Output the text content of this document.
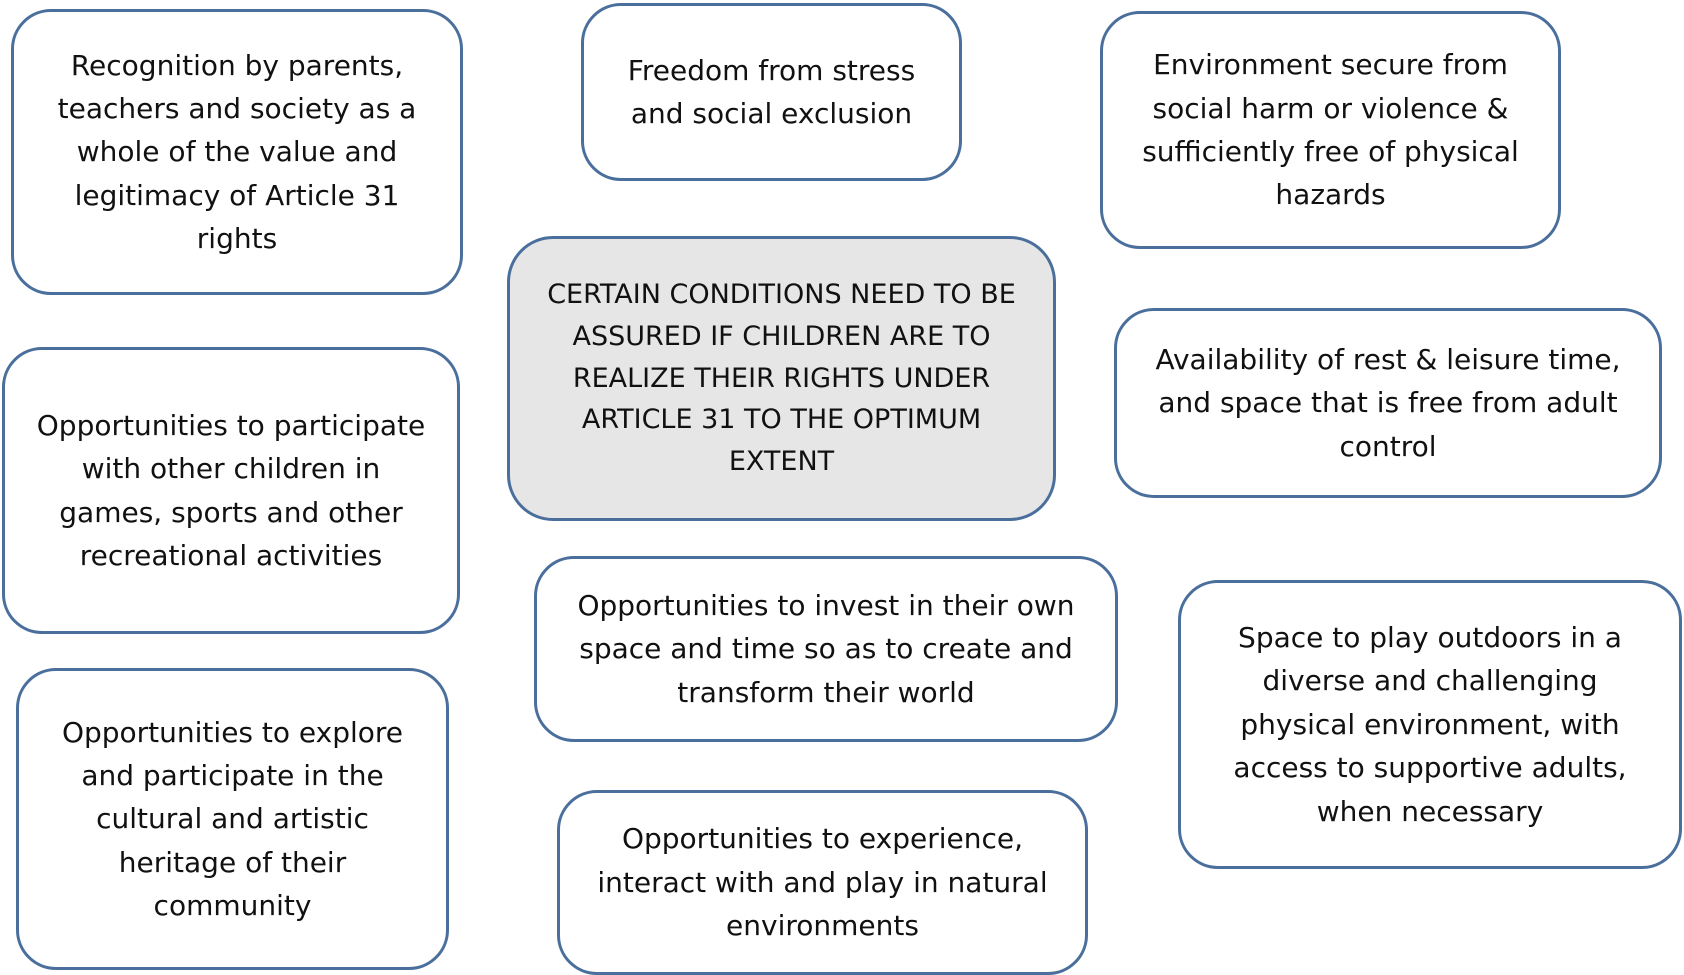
Recognition by parents, teachers and society as a whole of the value and legitimacy of Article 31 rights
Freedom from stress and social exclusion
Environment secure from social harm or violence & sufficiently free of physical hazards
CERTAIN CONDITIONS NEED TO BE ASSURED IF CHILDREN ARE TO REALIZE THEIR RIGHTS UNDER ARTICLE 31 TO THE OPTIMUM EXTENT
Availability of rest & leisure time, and space that is free from adult control
Opportunities to participate with other children in games, sports and other recreational activities
Opportunities to invest in their own space and time so as to create and transform their world
Space to play outdoors in a diverse and challenging physical environment, with access to supportive adults, when necessary
Opportunities to explore and participate in the cultural and artistic heritage of their community
Opportunities to experience, interact with and play in natural environments
